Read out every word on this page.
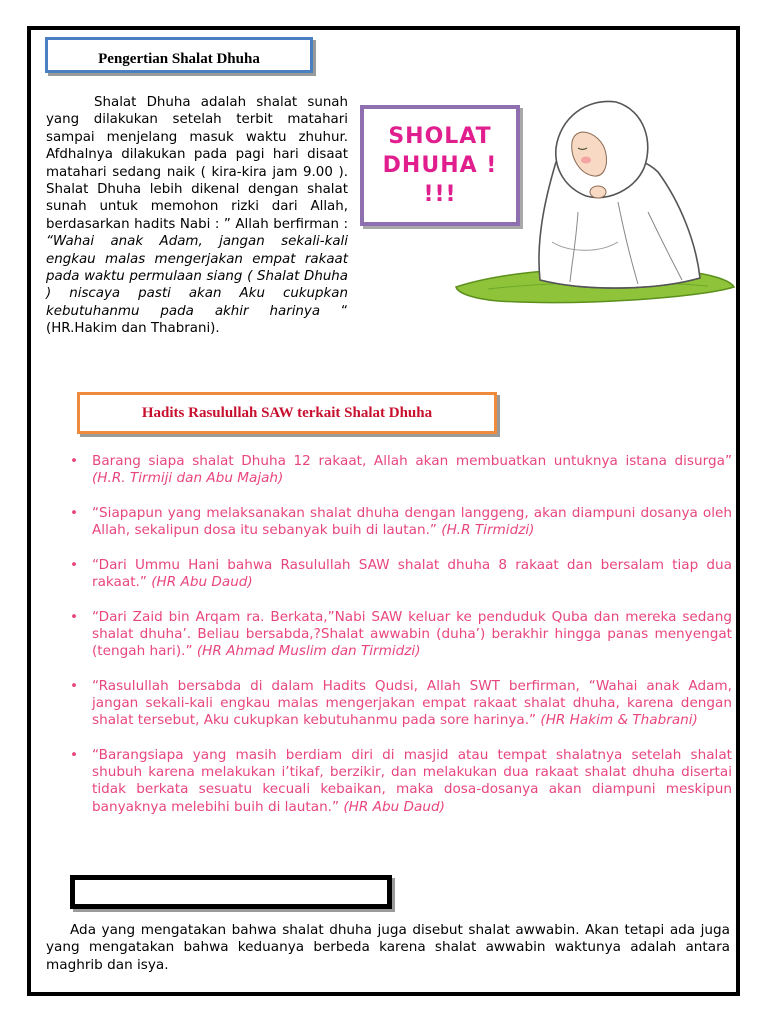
Pengertian Shalat Dhuha

Shalat Dhuha adalah shalat sunah yang dilakukan setelah terbit matahari sampai menjelang masuk waktu zhuhur. Afdhalnya dilakukan pada pagi hari disaat matahari sedang naik ( kira-kira jam 9.00 ). Shalat Dhuha lebih dikenal dengan shalat sunah untuk memohon rizki dari Allah, berdasarkan hadits Nabi : ” Allah berfirman : “Wahai anak Adam, jangan sekali-kali engkau malas mengerjakan empat rakaat pada waktu permulaan siang ( Shalat Dhuha ) niscaya pasti akan Aku cukupkan kebutuhanmu pada akhir harinya “ (HR.Hakim dan Thabrani).

SHOLAT
DHUHA !
!!!
Hadits Rasulullah SAW terkait Shalat Dhuha
• Barang siapa shalat Dhuha 12 rakaat, Allah akan membuatkan untuknya istana disurga” (H.R. Tirmiji dan Abu Majah)
• “Siapapun yang melaksanakan shalat dhuha dengan langgeng, akan diampuni dosanya oleh Allah, sekalipun dosa itu sebanyak buih di lautan.” (H.R Tirmidzi)
• “Dari Ummu Hani bahwa Rasulullah SAW shalat dhuha 8 rakaat dan bersalam tiap dua rakaat.” (HR Abu Daud)
• “Dari Zaid bin Arqam ra. Berkata,”Nabi SAW keluar ke penduduk Quba dan mereka sedang shalat dhuha’. Beliau bersabda,?Shalat awwabin (duha’) berakhir hingga panas menyengat (tengah hari).” (HR Ahmad Muslim dan Tirmidzi)
• “Rasulullah bersabda di dalam Hadits Qudsi, Allah SWT berfirman, “Wahai anak Adam, jangan sekali-kali engkau malas mengerjakan empat rakaat shalat dhuha, karena dengan shalat tersebut, Aku cukupkan kebutuhanmu pada sore harinya.” (HR Hakim & Thabrani)
• “Barangsiapa yang masih berdiam diri di masjid atau tempat shalatnya setelah shalat shubuh karena melakukan i’tikaf, berzikir, dan melakukan dua rakaat shalat dhuha disertai tidak berkata sesuatu kecuali kebaikan, maka dosa-dosanya akan diampuni meskipun banyaknya melebihi buih di lautan.” (HR Abu Daud)

Ada yang mengatakan bahwa shalat dhuha juga disebut shalat awwabin. Akan tetapi ada juga yang mengatakan bahwa keduanya berbeda karena shalat awwabin waktunya adalah antara maghrib dan isya.
